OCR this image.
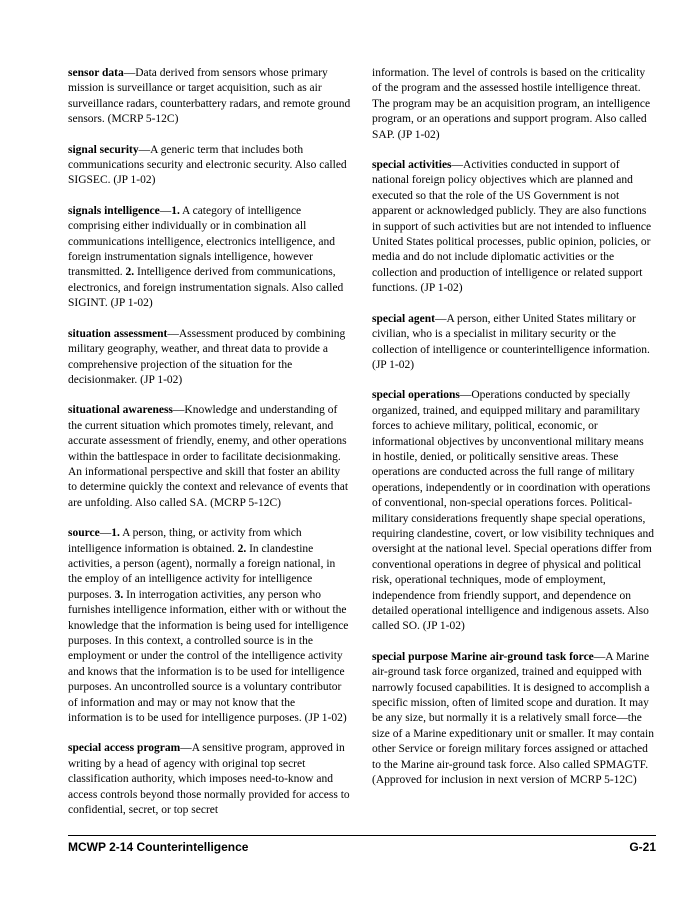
sensor data—Data derived from sensors whose primary mission is surveillance or target acquisition, such as air surveillance radars, counterbattery radars, and remote ground sensors. (MCRP 5-12C)

signal security—A generic term that includes both communications security and electronic security. Also called SIGSEC. (JP 1-02)

signals intelligence—1. A category of intelligence comprising either individually or in combination all communications intelligence, electronics intelligence, and foreign instrumentation signals intelligence, however transmitted. 2. Intelligence derived from communications, electronics, and foreign instrumentation signals. Also called SIGINT. (JP 1-02)

situation assessment—Assessment produced by combining military geography, weather, and threat data to provide a comprehensive projection of the situation for the decisionmaker. (JP 1-02)

situational awareness—Knowledge and understanding of the current situation which promotes timely, relevant, and accurate assessment of friendly, enemy, and other operations within the battlespace in order to facilitate decisionmaking. An informational perspective and skill that foster an ability to determine quickly the context and relevance of events that are unfolding. Also called SA. (MCRP 5-12C)

source—1. A person, thing, or activity from which intelligence information is obtained. 2. In clandestine activities, a person (agent), normally a foreign national, in the employ of an intelligence activity for intelligence purposes. 3. In interrogation activities, any person who furnishes intelligence information, either with or without the knowledge that the information is being used for intelligence purposes. In this context, a controlled source is in the employment or under the control of the intelligence activity and knows that the information is to be used for intelligence purposes. An uncontrolled source is a voluntary contributor of information and may or may not know that the information is to be used for intelligence purposes. (JP 1-02)

special access program—A sensitive program, approved in writing by a head of agency with original top secret classification authority, which imposes need-to-know and access controls beyond those normally provided for access to confidential, secret, or top secret

information. The level of controls is based on the criticality of the program and the assessed hostile intelligence threat. The program may be an acquisition program, an intelligence program, or an operations and support program. Also called SAP. (JP 1-02)

special activities—Activities conducted in support of national foreign policy objectives which are planned and executed so that the role of the US Government is not apparent or acknowledged publicly. They are also functions in support of such activities but are not intended to influence United States political processes, public opinion, policies, or media and do not include diplomatic activities or the collection and production of intelligence or related support functions. (JP 1-02)

special agent—A person, either United States military or civilian, who is a specialist in military security or the collection of intelligence or counterintelligence information. (JP 1-02)

special operations—Operations conducted by specially organized, trained, and equipped military and paramilitary forces to achieve military, political, economic, or informational objectives by unconventional military means in hostile, denied, or politically sensitive areas. These operations are conducted across the full range of military operations, independently or in coordination with operations of conventional, non-special operations forces. Political-military considerations frequently shape special operations, requiring clandestine, covert, or low visibility techniques and oversight at the national level. Special operations differ from conventional operations in degree of physical and political risk, operational techniques, mode of employment, independence from friendly support, and dependence on detailed operational intelligence and indigenous assets. Also called SO. (JP 1-02)

special purpose Marine air-ground task force—A Marine air-ground task force organized, trained and equipped with narrowly focused capabilities. It is designed to accomplish a specific mission, often of limited scope and duration. It may be any size, but normally it is a relatively small force—the size of a Marine expeditionary unit or smaller. It may contain other Service or foreign military forces assigned or attached to the Marine air-ground task force. Also called SPMAGTF. (Approved for inclusion in next version of MCRP 5-12C)

MCWP 2-14 Counterintelligence	G-21
